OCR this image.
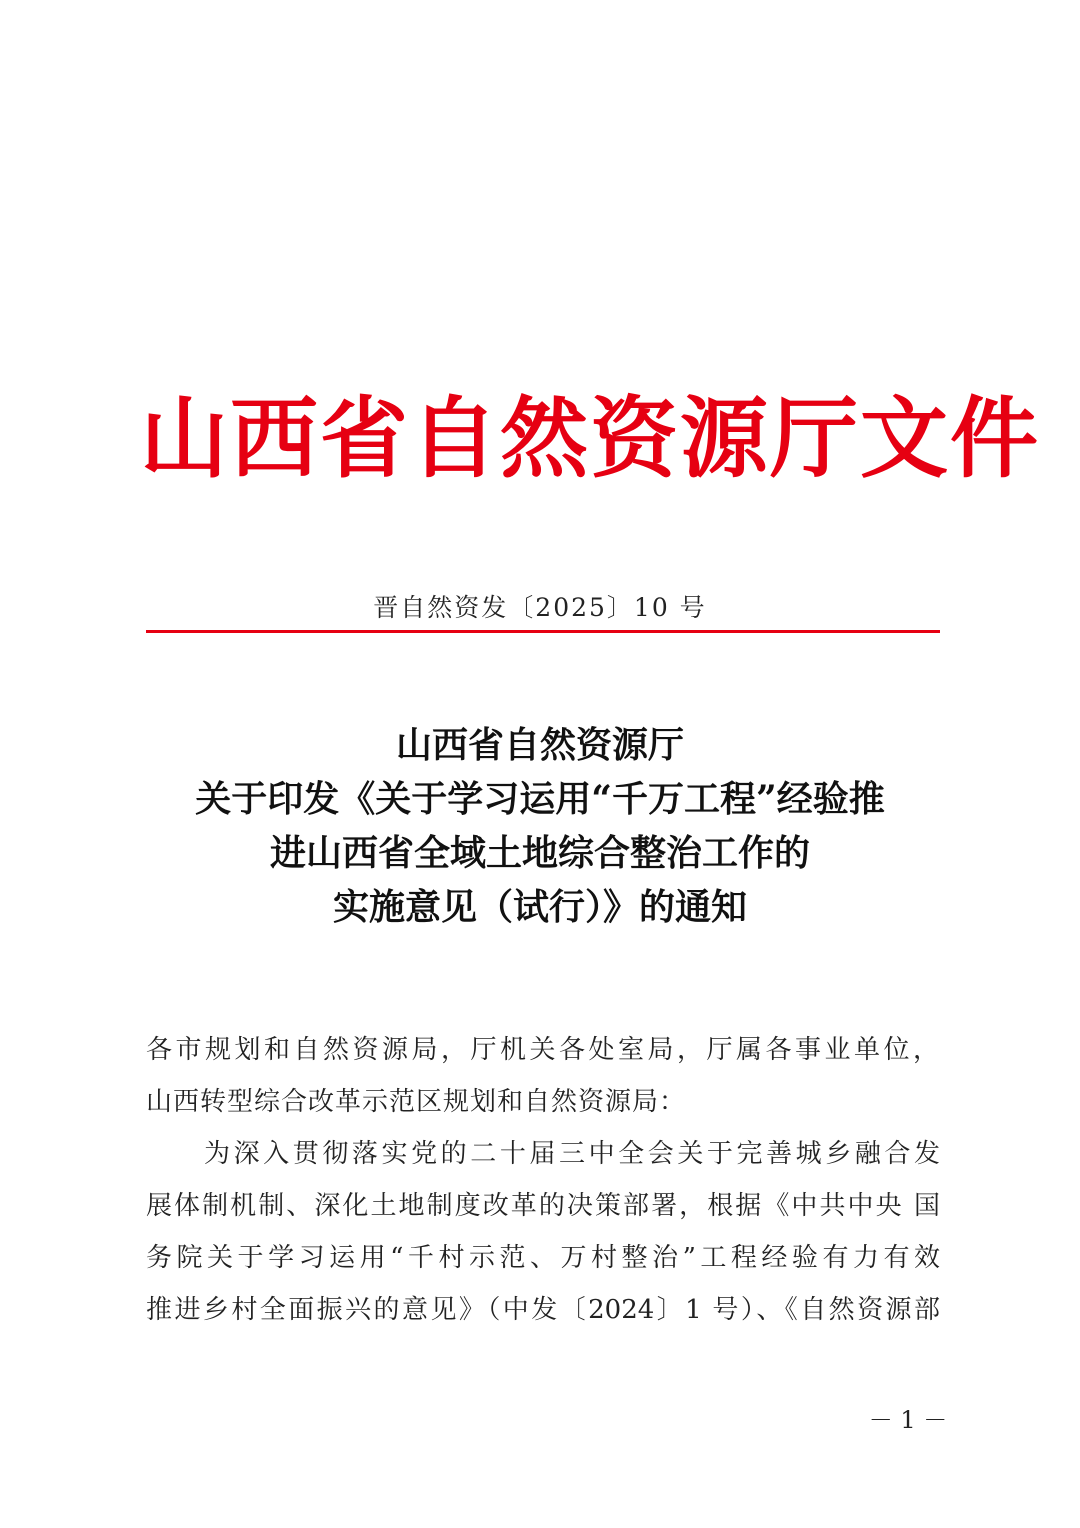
山西省自然资源厅文件
晋自然资发〔2025〕10 号
山西省自然资源厅
关于印发《关于学习运用“千万工程”经验推
进山西省全域土地综合整治工作的
实施意见（试行）》的通知
各市规划和自然资源局，厅机关各处室局，厅属各事业单位，
山西转型综合改革示范区规划和自然资源局：
为深入贯彻落实党的二十届三中全会关于完善城乡融合发
展体制机制、深化土地制度改革的决策部署，根据《中共中央 国
务院关于学习运用“千村示范、万村整治”工程经验有力有效
推进乡村全面振兴的意见》（中发〔2024〕1 号）、《自然资源部
－ 1 －
